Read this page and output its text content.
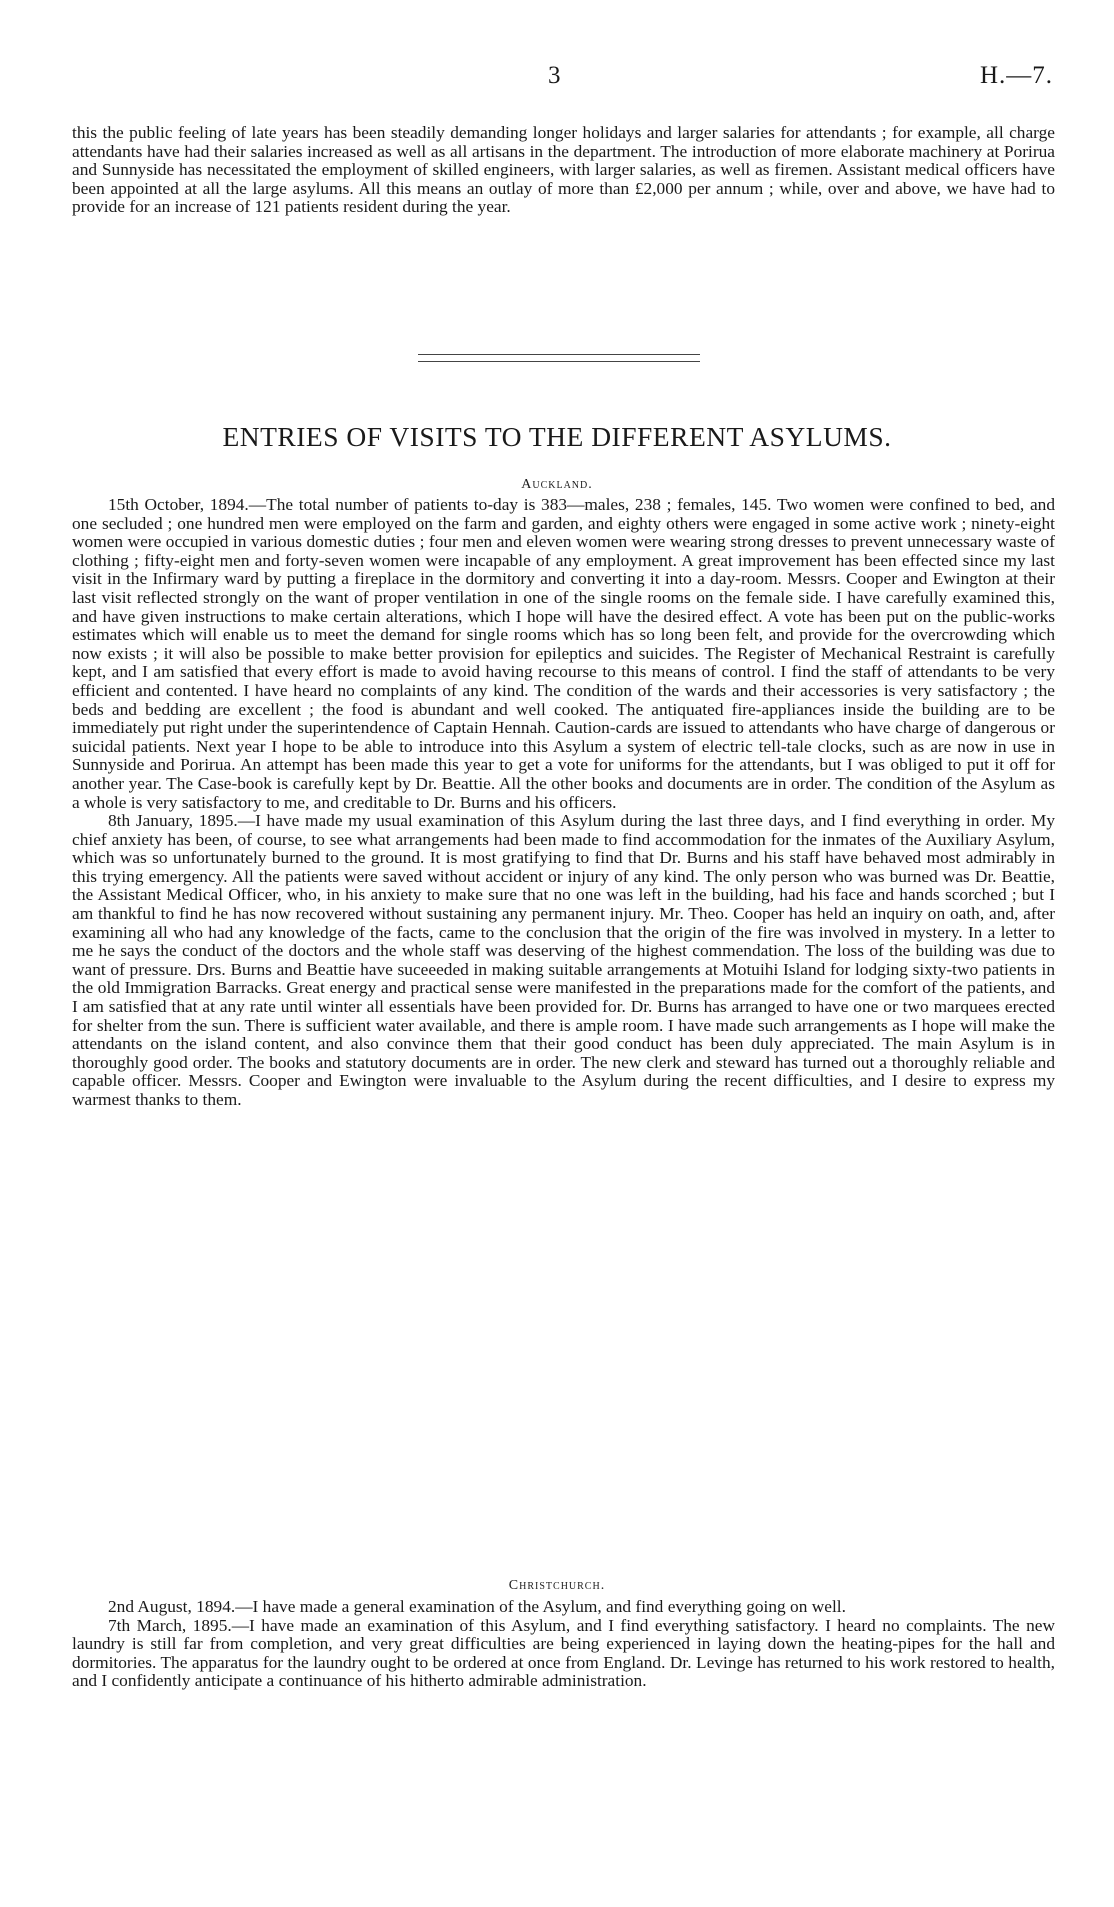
3	H.—7.

this the public feeling of late years has been steadily demanding longer holidays and larger salaries for attendants ; for example, all charge attendants have had their salaries increased as well as all artisans in the department. The introduction of more elaborate machinery at Porirua and Sunnyside has necessitated the employment of skilled engineers, with larger salaries, as well as firemen. Assistant medical officers have been appointed at all the large asylums. All this means an outlay of more than £2,000 per annum ; while, over and above, we have had to provide for an increase of 121 patients resident during the year.

ENTRIES OF VISITS TO THE DIFFERENT ASYLUMS.
Auckland.

15th October, 1894.—The total number of patients to-day is 383—males, 238 ; females, 145. Two women were confined to bed, and one secluded ; one hundred men were employed on the farm and garden, and eighty others were engaged in some active work ; ninety-eight women were occupied in various domestic duties ; four men and eleven women were wearing strong dresses to prevent unnecessary waste of clothing ; fifty-eight men and forty-seven women were incapable of any employment. A great improvement has been effected since my last visit in the Infirmary ward by putting a fireplace in the dormitory and converting it into a day-room. Messrs. Cooper and Ewington at their last visit reflected strongly on the want of proper ventilation in one of the single rooms on the female side. I have carefully examined this, and have given instructions to make certain alterations, which I hope will have the desired effect. A vote has been put on the public-works estimates which will enable us to meet the demand for single rooms which has so long been felt, and provide for the overcrowding which now exists ; it will also be possible to make better provision for epileptics and suicides. The Register of Mechanical Restraint is carefully kept, and I am satisfied that every effort is made to avoid having recourse to this means of control. I find the staff of attendants to be very efficient and contented. I have heard no complaints of any kind. The condition of the wards and their accessories is very satisfactory ; the beds and bedding are excellent ; the food is abundant and well cooked. The antiquated fire-appliances inside the building are to be immediately put right under the superintendence of Captain Hennah. Caution-cards are issued to attendants who have charge of dangerous or suicidal patients. Next year I hope to be able to introduce into this Asylum a system of electric tell-tale clocks, such as are now in use in Sunnyside and Porirua. An attempt has been made this year to get a vote for uniforms for the attendants, but I was obliged to put it off for another year. The Case-book is carefully kept by Dr. Beattie. All the other books and documents are in order. The condition of the Asylum as a whole is very satisfactory to me, and creditable to Dr. Burns and his officers.

8th January, 1895.—I have made my usual examination of this Asylum during the last three days, and I find everything in order. My chief anxiety has been, of course, to see what arrangements had been made to find accommodation for the inmates of the Auxiliary Asylum, which was so unfortunately burned to the ground. It is most gratifying to find that Dr. Burns and his staff have behaved most admirably in this trying emergency. All the patients were saved without accident or injury of any kind. The only person who was burned was Dr. Beattie, the Assistant Medical Officer, who, in his anxiety to make sure that no one was left in the building, had his face and hands scorched ; but I am thankful to find he has now recovered without sustaining any permanent injury. Mr. Theo. Cooper has held an inquiry on oath, and, after examining all who had any knowledge of the facts, came to the conclusion that the origin of the fire was involved in mystery. In a letter to me he says the conduct of the doctors and the whole staff was deserving of the highest commendation. The loss of the building was due to want of pressure. Drs. Burns and Beattie have suceeeded in making suitable arrangements at Motuihi Island for lodging sixty-two patients in the old Immigration Barracks. Great energy and practical sense were manifested in the preparations made for the comfort of the patients, and I am satisfied that at any rate until winter all essentials have been provided for. Dr. Burns has arranged to have one or two marquees erected for shelter from the sun. There is sufficient water available, and there is ample room. I have made such arrangements as I hope will make the attendants on the island content, and also convince them that their good conduct has been duly appreciated. The main Asylum is in thoroughly good order. The books and statutory documents are in order. The new clerk and steward has turned out a thoroughly reliable and capable officer. Messrs. Cooper and Ewington were invaluable to the Asylum during the recent difficulties, and I desire to express my warmest thanks to them.

Christchurch.

2nd August, 1894.—I have made a general examination of the Asylum, and find everything going on well.

7th March, 1895.—I have made an examination of this Asylum, and I find everything satisfactory. I heard no complaints. The new laundry is still far from completion, and very great difficulties are being experienced in laying down the heating-pipes for the hall and dormitories. The apparatus for the laundry ought to be ordered at once from England. Dr. Levinge has returned to his work restored to health, and I confidently anticipate a continuance of his hitherto admirable administration.
